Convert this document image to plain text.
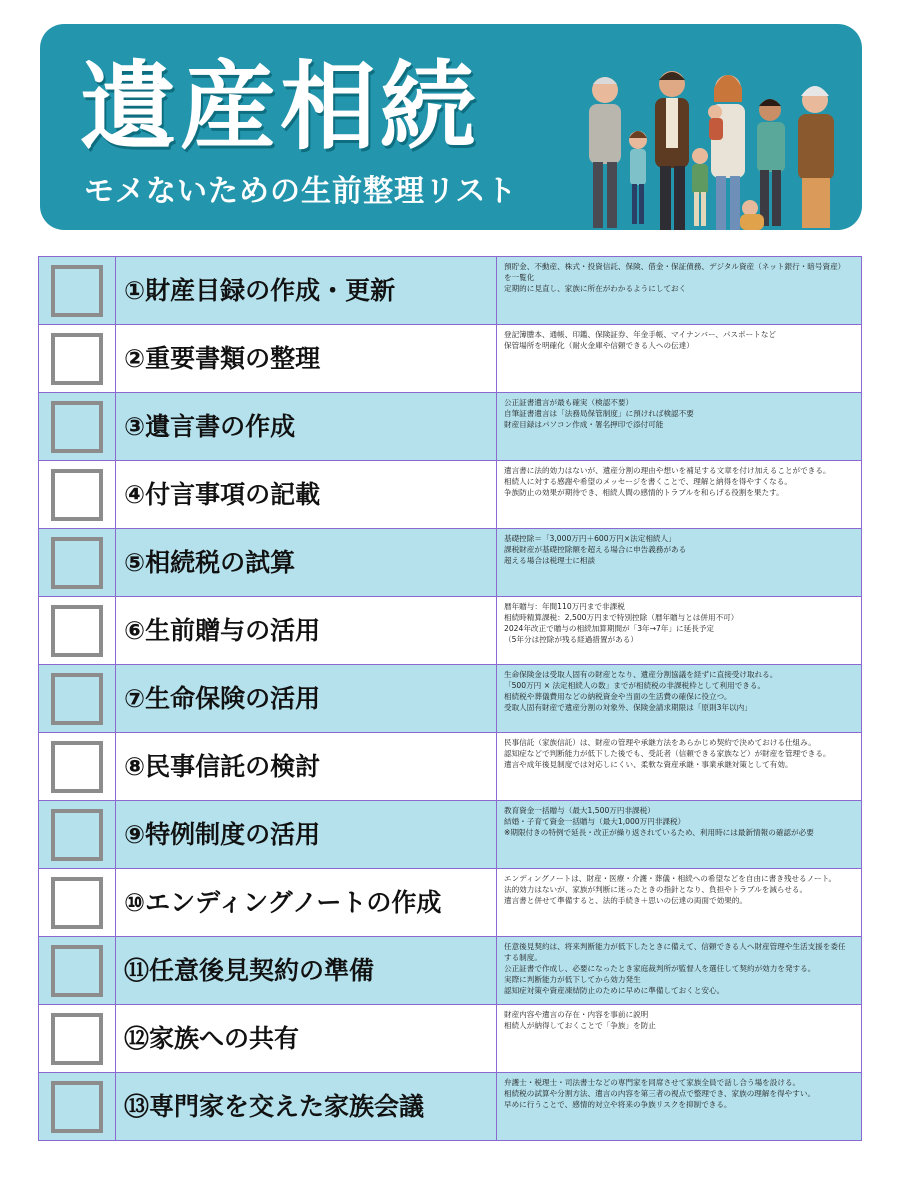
遺産相続

モメないための生前整理リスト

	①財産目録の作成・更新	預貯金、不動産、株式・投資信託、保険、借金・保証債務、デジタル資産（ネット銀行・暗号資産）
を一覧化
定期的に見直し、家族に所在がわかるようにしておく

	②重要書類の整理	登記簿謄本、通帳、印鑑、保険証券、年金手帳、マイナンバー、パスポートなど
保管場所を明確化（耐火金庫や信頼できる人への伝達）

	③遺言書の作成	公正証書遺言が最も確実（検認不要）
自筆証書遺言は「法務局保管制度」に預ければ検認不要
財産目録はパソコン作成・署名押印で添付可能

	④付言事項の記載	遺言書に法的効力はないが、遺産分割の理由や想いを補足する文章を付け加えることができる。
相続人に対する感謝や希望のメッセージを書くことで、理解と納得を得やすくなる。
争族防止の効果が期待でき、相続人間の感情的トラブルを和らげる役割を果たす。

	⑤相続税の試算	基礎控除＝「3,000万円＋600万円×法定相続人」
課税財産が基礎控除額を超える場合に申告義務がある
超える場合は税理士に相談

	⑥生前贈与の活用	暦年贈与：年間110万円まで非課税
相続時精算課税：2,500万円まで特別控除（暦年贈与とは併用不可）
2024年改正で贈与の相続加算期間が「3年→7年」に延長予定
（5年分は控除が残る経過措置がある）

	⑦生命保険の活用	生命保険金は受取人固有の財産となり、遺産分割協議を経ずに直接受け取れる。
「500万円 × 法定相続人の数」までが相続税の非課税枠として利用できる。
相続税や葬儀費用などの納税資金や当面の生活費の確保に役立つ。
受取人固有財産で遺産分割の対象外、保険金請求期限は「原則3年以内」

	⑧民事信託の検討	民事信託（家族信託）は、財産の管理や承継方法をあらかじめ契約で決めておける仕組み。
認知症などで判断能力が低下した後でも、受託者（信頼できる家族など）が財産を管理できる。
遺言や成年後見制度では対応しにくい、柔軟な資産承継・事業承継対策として有効。

	⑨特例制度の活用	教育資金一括贈与（最大1,500万円非課税）
結婚・子育て資金一括贈与（最大1,000万円非課税）
※期限付きの特例で延長・改正が繰り返されているため、利用時には最新情報の確認が必要

	⑩エンディングノートの作成	エンディングノートは、財産・医療・介護・葬儀・相続への希望などを自由に書き残せるノート。
法的効力はないが、家族が判断に迷ったときの指針となり、負担やトラブルを減らせる。
遺言書と併せて準備すると、法的手続き＋思いの伝達の両面で効果的。

	⑪任意後見契約の準備	任意後見契約は、将来判断能力が低下したときに備えて、信頼できる人へ財産管理や生活支援を委任
する制度。
公正証書で作成し、必要になったとき家庭裁判所が監督人を選任して契約が効力を発する。
実際に判断能力が低下してから効力発生
認知症対策や資産凍結防止のために早めに準備しておくと安心。

	⑫家族への共有	財産内容や遺言の存在・内容を事前に説明
相続人が納得しておくことで「争族」を防止

	⑬専門家を交えた家族会議	弁護士・税理士・司法書士などの専門家を同席させて家族全員で話し合う場を設ける。
相続税の試算や分割方法、遺言の内容を第三者の視点で整理でき、家族の理解を得やすい。
早めに行うことで、感情的対立や将来の争族リスクを抑制できる。
